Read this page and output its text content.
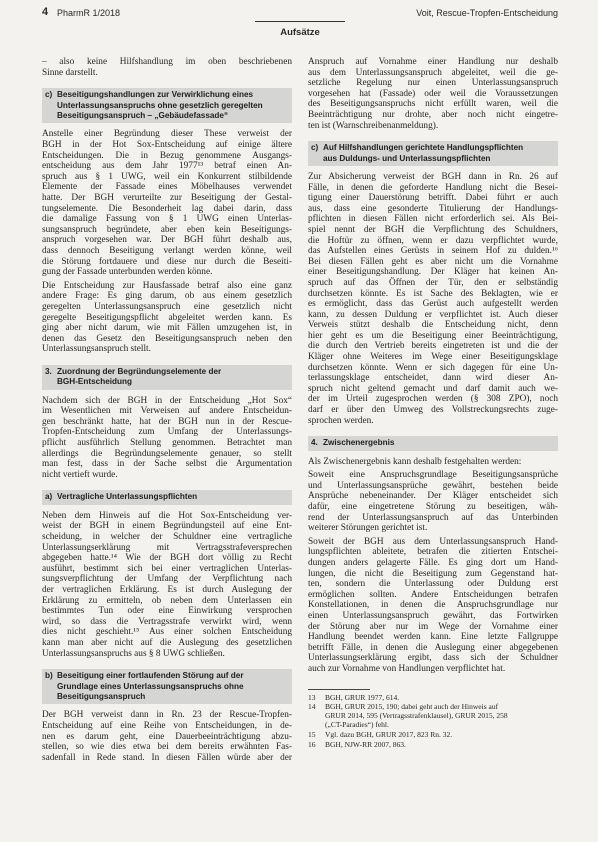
4 PharmR 1/2018
Aufsätze
Voit, Rescue-Tropfen-Entscheidung
– also keine Hilfshandlung im oben beschriebenen
Sinne darstellt.
c) Beseitigungshandlungen zur Verwirklichung eines
Unterlassungsanspruchs ohne gesetzlich geregelten
Beseitigungsanspruch – „Gebäudefassade“
Anstelle einer Begründung dieser These verweist der
BGH in der Hot Sox-Entscheidung auf einige ältere
Entscheidungen. Die in Bezug genommene Ausgangs-
entscheidung aus dem Jahr 1977¹³ betraf einen An-
spruch aus § 1 UWG, weil ein Konkurrent stilbildende
Elemente der Fassade eines Möbelhauses verwendet
hatte. Der BGH verurteilte zur Beseitigung der Gestal-
tungselemente. Die Besonderheit lag dabei darin, dass
die damalige Fassung von § 1 UWG einen Unterlas-
sungsanspruch begründete, aber eben kein Beseitigungs-
anspruch vorgesehen war. Der BGH führt deshalb aus,
dass dennoch Beseitigung verlangt werden könne, weil
die Störung fortdauere und diese nur durch die Beseiti-
gung der Fassade unterbunden werden könne.
Die Entscheidung zur Hausfassade betraf also eine ganz
andere Frage: Es ging darum, ob aus einem gesetzlich
geregelten Unterlassungsanspruch eine gesetzlich nicht
geregelte Beseitigungspflicht abgeleitet werden kann. Es
ging aber nicht darum, wie mit Fällen umzugehen ist, in
denen das Gesetz den Beseitigungsanspruch neben den
Unterlassungsanspruch stellt.
3. Zuordnung der Begründungselemente der
BGH-Entscheidung
Nachdem sich der BGH in der Entscheidung „Hot Sox“
im Wesentlichen mit Verweisen auf andere Entscheidun-
gen beschränkt hatte, hat der BGH nun in der Rescue-
Tropfen-Entscheidung zum Umfang der Unterlassungs-
pflicht ausführlich Stellung genommen. Betrachtet man
allerdings die Begründungselemente genauer, so stellt
man fest, dass in der Sache selbst die Argumentation
nicht vertieft wurde.
a) Vertragliche Unterlassungspflichten
Neben dem Hinweis auf die Hot Sox-Entscheidung ver-
weist der BGH in einem Begründungsteil auf eine Ent-
scheidung, in welcher der Schuldner eine vertragliche
Unterlassungserklärung mit Vertragsstrafeversprechen
abgegeben hatte.¹⁴ Wie der BGH dort völlig zu Recht
ausführt, bestimmt sich bei einer vertraglichen Unterlas-
sungsverpflichtung der Umfang der Verpflichtung nach
der vertraglichen Erklärung. Es ist durch Auslegung der
Erklärung zu ermitteln, ob neben dem Unterlassen ein
bestimmtes Tun oder eine Einwirkung versprochen
wird, so dass die Vertragsstrafe verwirkt wird, wenn
dies nicht geschieht.¹⁵ Aus einer solchen Entscheidung
kann man aber nicht auf die Auslegung des gesetzlichen
Unterlassungsanspruchs aus § 8 UWG schließen.
b) Beseitigung einer fortlaufenden Störung auf der
Grundlage eines Unterlassungsanspruchs ohne
Beseitigungsanspruch
Der BGH verweist dann in Rn. 23 der Rescue-Tropfen-
Entscheidung auf eine Reihe von Entscheidungen, in de-
nen es darum geht, eine Dauerbeeinträchtigung abzu-
stellen, so wie dies etwa bei dem bereits erwähnten Fas-
sadenfall in Rede stand. In diesen Fällen würde aber der
Anspruch auf Vornahme einer Handlung nur deshalb
aus dem Unterlassungsanspruch abgeleitet, weil die ge-
setzliche Regelung nur einen Unterlassungsanspruch
vorgesehen hat (Fassade) oder weil die Voraussetzungen
des Beseitigungsanspruchs nicht erfüllt waren, weil die
Beeinträchtigung nur drohte, aber noch nicht eingetre-
ten ist (Warnschreibenanmeldung).
c) Auf Hilfshandlungen gerichtete Handlungspflichten
aus Duldungs- und Unterlassungspflichten
Zur Absicherung verweist der BGH dann in Rn. 26 auf
Fälle, in denen die geforderte Handlung nicht die Besei-
tigung einer Dauerstörung betrifft. Dabei führt er auch
aus, dass eine gesonderte Titulierung der Handlungs-
pflichten in diesen Fällen nicht erforderlich sei. Als Bei-
spiel nennt der BGH die Verpflichtung des Schuldners,
die Hoftür zu öffnen, wenn er dazu verpflichtet wurde,
das Aufstellen eines Gerüsts in seinem Hof zu dulden.¹⁶
Bei diesen Fällen geht es aber nicht um die Vornahme
einer Beseitigungshandlung. Der Kläger hat keinen An-
spruch auf das Öffnen der Tür, den er selbständig
durchsetzen könnte. Es ist Sache des Beklagten, wie er
es ermöglicht, dass das Gerüst auch aufgestellt werden
kann, zu dessen Duldung er verpflichtet ist. Auch dieser
Verweis stützt deshalb die Entscheidung nicht, denn
hier geht es um die Beseitigung einer Beeinträchtigung,
die durch den Vertrieb bereits eingetreten ist und die der
Kläger ohne Weiteres im Wege einer Beseitigungsklage
durchsetzen könnte. Wenn er sich dagegen für eine Un-
terlassungsklage entscheidet, dann wird dieser An-
spruch nicht geltend gemacht und darf damit auch we-
der im Urteil zugesprochen werden (§ 308 ZPO), noch
darf er über den Umweg des Vollstreckungsrechts zuge-
sprochen werden.
4. Zwischenergebnis
Als Zwischenergebnis kann deshalb festgehalten werden:
Soweit eine Anspruchsgrundlage Beseitigungsansprüche
und Unterlassungsansprüche gewährt, bestehen beide
Ansprüche nebeneinander. Der Kläger entscheidet sich
dafür, eine eingetretene Störung zu beseitigen, wäh-
rend der Unterlassungsanspruch auf das Unterbinden
weiterer Störungen gerichtet ist.
Soweit der BGH aus dem Unterlassungsanspruch Hand-
lungspflichten ableitete, betrafen die zitierten Entschei-
dungen anders gelagerte Fälle. Es ging dort um Hand-
lungen, die nicht die Beseitigung zum Gegenstand hat-
ten, sondern die Unterlassung oder Duldung erst
ermöglichen sollten. Andere Entscheidungen betrafen
Konstellationen, in denen die Anspruchsgrundlage nur
einen Unterlassungsanspruch gewährt, das Fortwirken
der Störung aber nur im Wege der Vornahme einer
Handlung beendet werden kann. Eine letzte Fallgruppe
betrifft Fälle, in denen die Auslegung einer abgegebenen
Unterlassungserklärung ergibt, dass sich der Schuldner
auch zur Vornahme von Handlungen verpflichtet hat.
13	BGH, GRUR 1977, 614.
14	BGH, GRUR 2015, 190; dabei geht auch der Hinweis auf
GRUR 2014, 595 (Vertragsstrafenklausel), GRUR 2015, 258
(„CT-Paradies“) fehl.
15	Vgl. dazu BGH, GRUR 2017, 823 Rn. 32.
16	BGH, NJW-RR 2007, 863.
